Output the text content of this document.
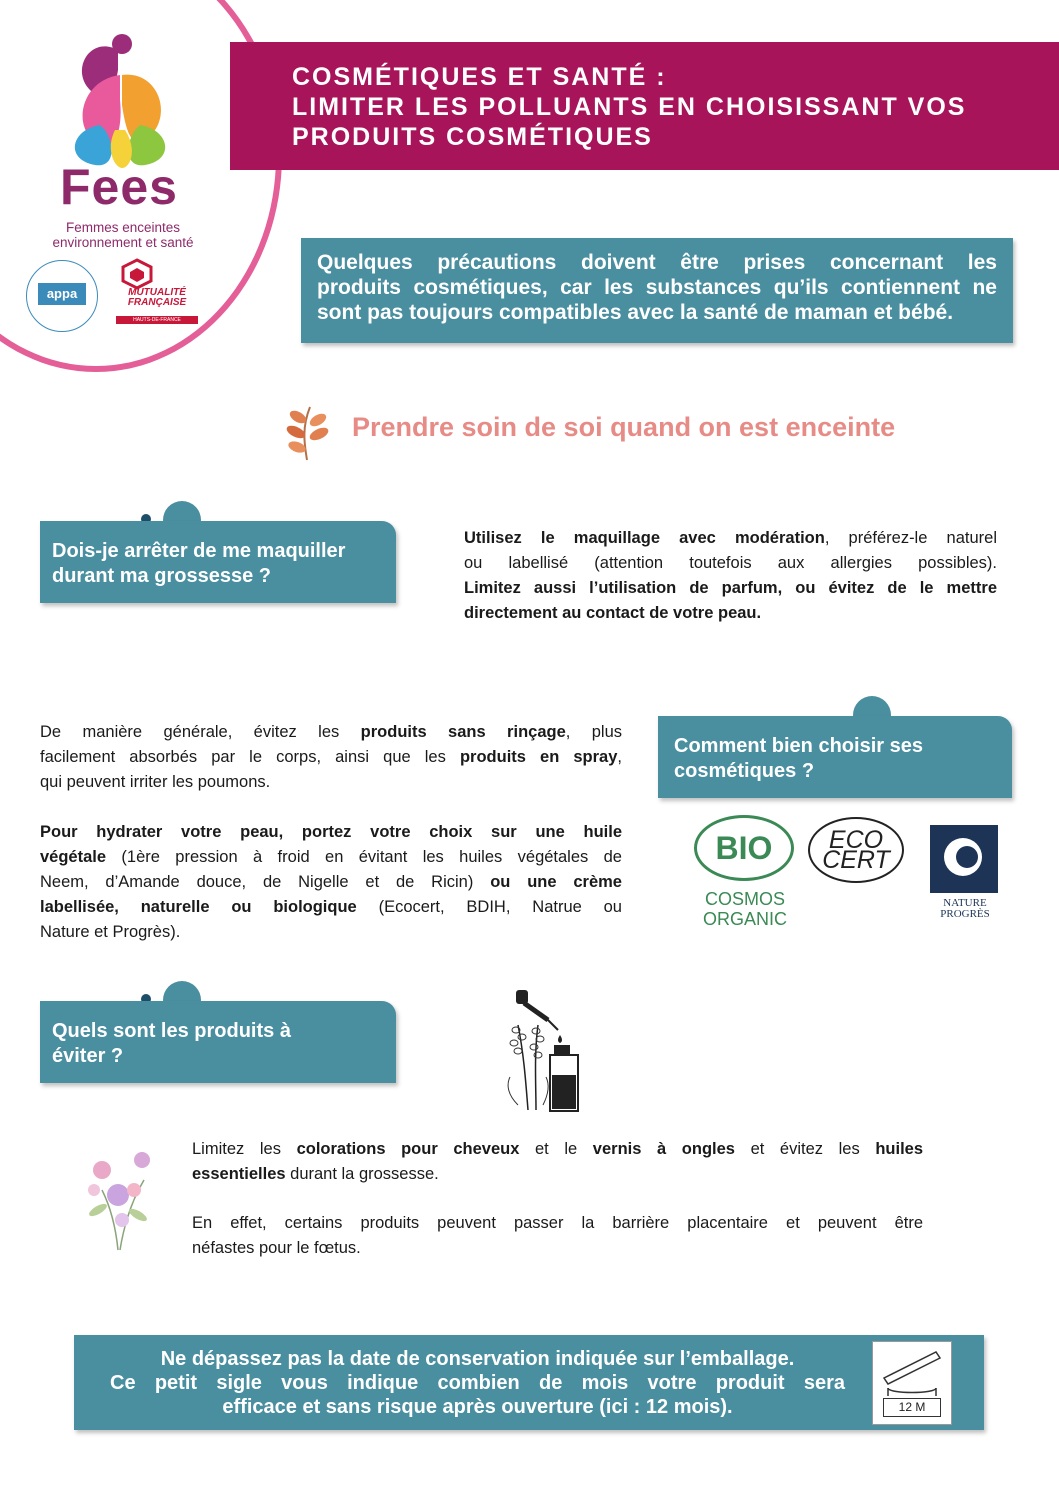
COSMÉTIQUES ET SANTÉ :
LIMITER LES POLLUANTS EN CHOISISSANT VOS
PRODUITS COSMÉTIQUES
Fees
Femmes enceintes
environnement et santé
appa	MUTUALITÉ FRANÇAISE
HAUTS-DE-FRANCE
Quelques précautions doivent être prises concernant les
produits cosmétiques, car les substances qu’ils contiennent ne
sont pas toujours compatibles avec la santé de maman et bébé.
Prendre soin de soi quand on est enceinte
Dois-je arrêter de me maquiller
durant ma grossesse ?
Utilisez le maquillage avec modération, préférez-le naturel
ou labellisé (attention toutefois aux allergies possibles).
Limitez aussi l’utilisation de parfum, ou évitez de le mettre
directement au contact de votre peau.
De manière générale, évitez les produits sans rinçage, plus
facilement absorbés par le corps, ainsi que les produits en spray,
qui peuvent irriter les poumons.
Pour hydrater votre peau, portez votre choix sur une huile
végétale (1ère pression à froid en évitant les huiles végétales de
Neem, d’Amande douce, de Nigelle et de Ricin) ou une crème
labellisée, naturelle ou biologique (Ecocert, BDIH, Natrue ou
Nature et Progrès).
Comment bien choisir ses
cosmétiques ?
BIO
COSMOS
ORGANIC
ECO
CERT
NATURE
PROGRÈS
Quels sont les produits à
éviter ?
Limitez les colorations pour cheveux et le vernis à ongles et évitez les huiles
essentielles durant la grossesse.
En effet, certains produits peuvent passer la barrière placentaire et peuvent être
néfastes pour le fœtus.
Ne dépassez pas la date de conservation indiquée sur l’emballage.
Ce petit sigle vous indique combien de mois votre produit sera
efficace et sans risque après ouverture (ici : 12 mois).	12 M
